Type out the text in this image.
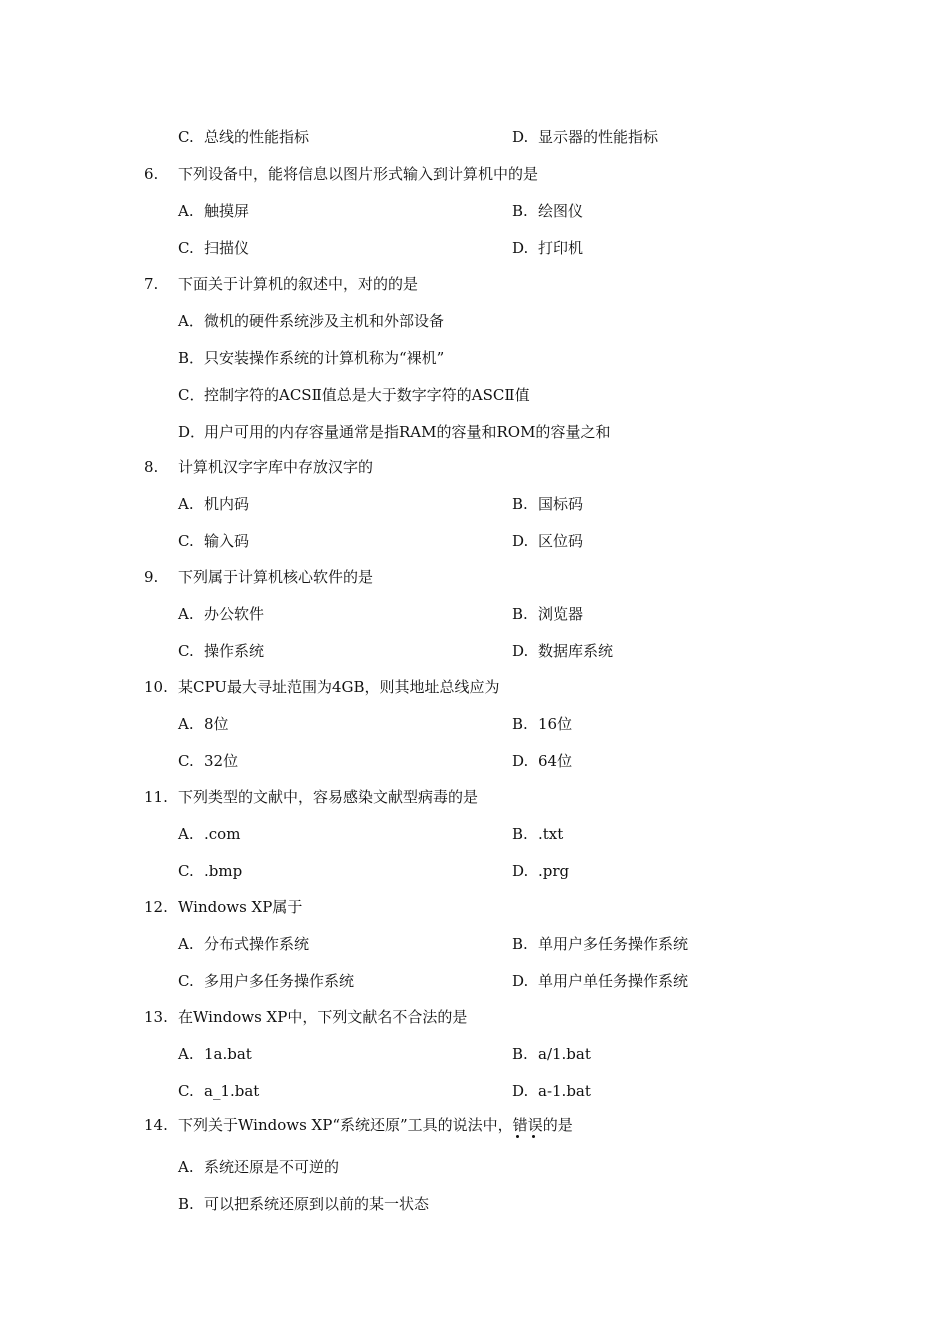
C. 总线的性能指标	D. 显示器的性能指标
6. 下列设备中，能将信息以图片形式输入到计算机中的是
A. 触摸屏	B. 绘图仪
C. 扫描仪	D. 打印机
7. 下面关于计算机的叙述中，对的的是
A．微机的硬件系统涉及主机和外部设备
B．只安装操作系统的计算机称为“裸机”
C．控制字符的ACSⅡ值总是大于数字字符的ASCⅡ值
D．用户可用的内存容量通常是指RAM的容量和ROM的容量之和
8. 计算机汉字字库中存放汉字的
A. 机内码	B. 国标码
C. 输入码	D. 区位码
9. 下列属于计算机核心软件的是
A. 办公软件	B. 浏览器
C. 操作系统	D. 数据库系统
10. 某CPU最大寻址范围为4GB，则其地址总线应为
A. 8位	B. 16位
C. 32位	D. 64位
11. 下列类型的文献中，容易感染文献型病毒的是
A. .com	B. .txt
C. .bmp	D. .prg
12. Windows XP属于
A. 分布式操作系统	B. 单用户多任务操作系统
C. 多用户多任务操作系统	D. 单用户单任务操作系统
13. 在Windows XP中，下列文献名不合法的是
A. 1a.bat	B. a/1.bat
C. a_1.bat	D. a-1.bat
14. 下列关于Windows XP“系统还原”工具的说法中，错误的是
A. 系统还原是不可逆的
B. 可以把系统还原到以前的某一状态
